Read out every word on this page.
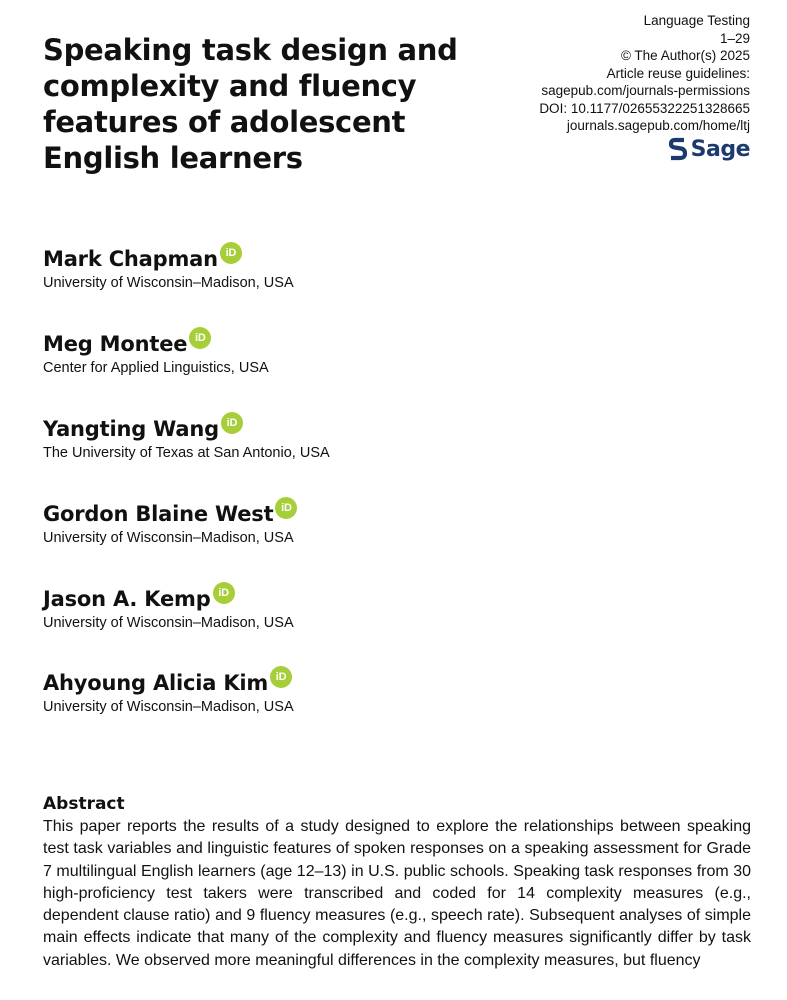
Speaking task design and complexity and fluency features of adolescent English learners
Language Testing
1–29
© The Author(s) 2025
Article reuse guidelines:
sagepub.com/journals-permissions
DOI: 10.1177/02655322251328665
journals.sagepub.com/home/ltj
Sage
Mark Chapman iD
University of Wisconsin–Madison, USA
Meg Montee iD
Center for Applied Linguistics, USA
Yangting Wang iD
The University of Texas at San Antonio, USA
Gordon Blaine West iD
University of Wisconsin–Madison, USA
Jason A. Kemp iD
University of Wisconsin–Madison, USA
Ahyoung Alicia Kim iD
University of Wisconsin–Madison, USA
Abstract

This paper reports the results of a study designed to explore the relationships between speaking test task variables and linguistic features of spoken responses on a speaking assessment for Grade 7 multilingual English learners (age 12–13) in U.S. public schools. Speaking task responses from 30 high-proficiency test takers were transcribed and coded for 14 complexity measures (e.g., dependent clause ratio) and 9 fluency measures (e.g., speech rate). Subsequent analyses of simple main effects indicate that many of the complexity and fluency measures significantly differ by task variables. We observed more meaningful differences in the complexity measures, but fluency
